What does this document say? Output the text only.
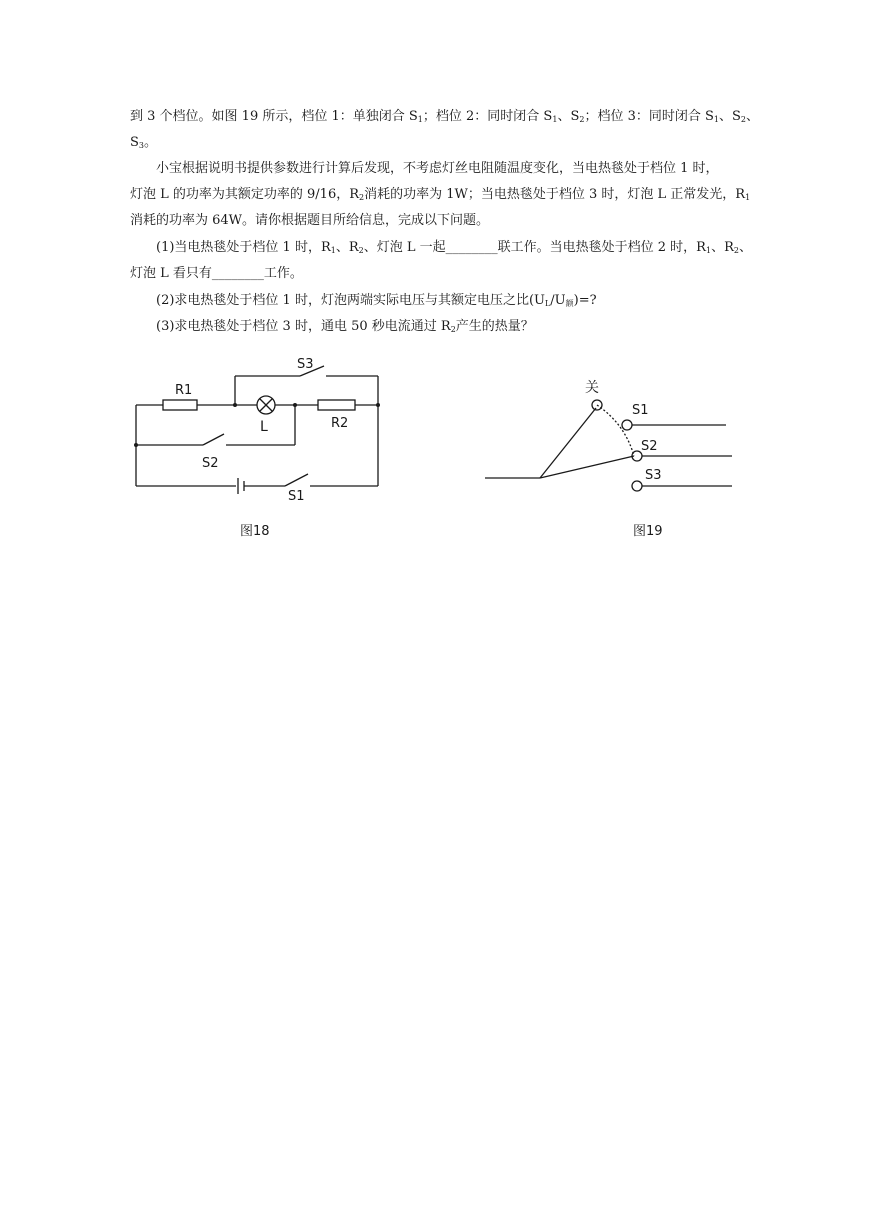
到 3 个档位。如图 19 所示，档位 1：单独闭合 $S_1$；档位 2：同时闭合 $S_1$、$S_2$；档位 3：同时闭合 $S_1$、$S_2$、
$S_3$。
小宝根据说明书提供参数进行计算后发现，不考虑灯丝电阻随温度变化，当电热毯处于档位 1 时，
灯泡 L 的功率为其额定功率的 9/16，$R_2$消耗的功率为 1W；当电热毯处于档位 3 时，灯泡 L 正常发光，$R_1$
消耗的功率为 64W。请你根据题目所给信息，完成以下问题。
(1)当电热毯处于档位 1 时，$R_1$、$R_2$、灯泡 L 一起________联工作。当电热毯处于档位 2 时，$R_1$、$R_2$、
灯泡 L 看只有________工作。
(2)求电热毯处于档位 1 时，灯泡两端实际电压与其额定电压之比$(U_L/U_额)=$?
(3)求电热毯处于档位 3 时，通电 50 秒电流通过 $R_2$产生的热量？
R1
R2
L
S3
S2
S1
图18
关
S1
S2
S3
图19
